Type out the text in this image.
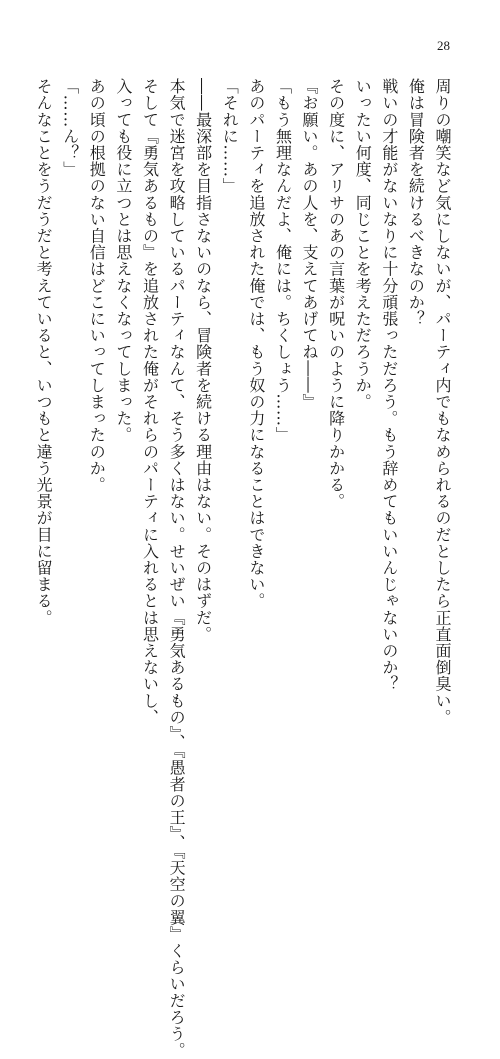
28

周りの嘲笑など気にしないが、パーティ内でもなめられるのだとしたら正直面倒臭い。

俺は冒険者を続けるべきなのか？

戦いの才能がないなりに十分頑張っただろう。もう辞めてもいいんじゃないのか？

いったい何度、同じことを考えただろうか。

その度に、アリサのあの言葉が呪いのように降りかかる。

『お願い。あの人を、支えてあげてね――』

「もう無理なんだよ、俺には。ちくしょう……」

あのパーティを追放された俺では、もう奴の力になることはできない。

「それに……」

――最深部を目指さないのなら、冒険者を続ける理由はない。そのはずだ。

本気で迷宮を攻略しているパーティなんて、そう多くはない。せいぜい『勇気あるもの』、『愚者の王』、『天空の翼』くらいだろう。

そして『勇気あるもの』を追放された俺がそれらのパーティに入れるとは思えないし、

入っても役に立つとは思えなくなってしまった。

あの頃の根拠のない自信はどこにいってしまったのか。

「……ん？」

そんなことをうだうだと考えていると、いつもと違う光景が目に留まる。
